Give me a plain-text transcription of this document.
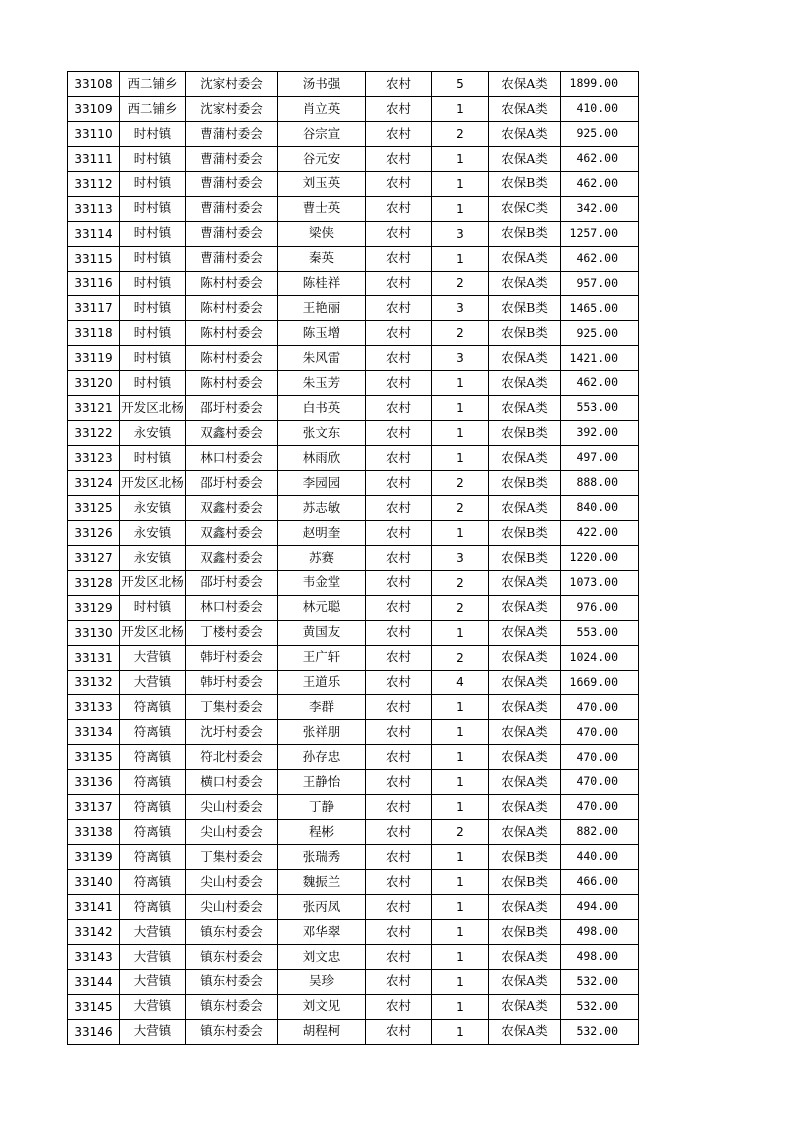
33108	西二铺乡	沈家村委会	汤书强	农村	5	农保A类	1899.00
33109	西二铺乡	沈家村委会	肖立英	农村	1	农保A类	410.00
33110	时村镇	曹蒲村委会	谷宗宣	农村	2	农保A类	925.00
33111	时村镇	曹蒲村委会	谷元安	农村	1	农保A类	462.00
33112	时村镇	曹蒲村委会	刘玉英	农村	1	农保B类	462.00
33113	时村镇	曹蒲村委会	曹士英	农村	1	农保C类	342.00
33114	时村镇	曹蒲村委会	梁侠	农村	3	农保B类	1257.00
33115	时村镇	曹蒲村委会	秦英	农村	1	农保A类	462.00
33116	时村镇	陈村村委会	陈桂祥	农村	2	农保A类	957.00
33117	时村镇	陈村村委会	王艳丽	农村	3	农保B类	1465.00
33118	时村镇	陈村村委会	陈玉增	农村	2	农保B类	925.00
33119	时村镇	陈村村委会	朱风雷	农村	3	农保A类	1421.00
33120	时村镇	陈村村委会	朱玉芳	农村	1	农保A类	462.00
33121	开发区北杨	邵圩村委会	白书英	农村	1	农保A类	553.00
33122	永安镇	双鑫村委会	张文东	农村	1	农保B类	392.00
33123	时村镇	林口村委会	林雨欣	农村	1	农保A类	497.00
33124	开发区北杨	邵圩村委会	李园园	农村	2	农保B类	888.00
33125	永安镇	双鑫村委会	苏志敏	农村	2	农保A类	840.00
33126	永安镇	双鑫村委会	赵明奎	农村	1	农保B类	422.00
33127	永安镇	双鑫村委会	苏赛	农村	3	农保B类	1220.00
33128	开发区北杨	邵圩村委会	韦金堂	农村	2	农保A类	1073.00
33129	时村镇	林口村委会	林元聪	农村	2	农保A类	976.00
33130	开发区北杨	丁楼村委会	黄国友	农村	1	农保A类	553.00
33131	大营镇	韩圩村委会	王广轩	农村	2	农保A类	1024.00
33132	大营镇	韩圩村委会	王道乐	农村	4	农保A类	1669.00
33133	符离镇	丁集村委会	李群	农村	1	农保A类	470.00
33134	符离镇	沈圩村委会	张祥朋	农村	1	农保A类	470.00
33135	符离镇	符北村委会	孙存忠	农村	1	农保A类	470.00
33136	符离镇	横口村委会	王静怡	农村	1	农保A类	470.00
33137	符离镇	尖山村委会	丁静	农村	1	农保A类	470.00
33138	符离镇	尖山村委会	程彬	农村	2	农保A类	882.00
33139	符离镇	丁集村委会	张瑞秀	农村	1	农保B类	440.00
33140	符离镇	尖山村委会	魏振兰	农村	1	农保B类	466.00
33141	符离镇	尖山村委会	张丙凤	农村	1	农保A类	494.00
33142	大营镇	镇东村委会	邓华翠	农村	1	农保B类	498.00
33143	大营镇	镇东村委会	刘文忠	农村	1	农保A类	498.00
33144	大营镇	镇东村委会	吴珍	农村	1	农保A类	532.00
33145	大营镇	镇东村委会	刘文见	农村	1	农保A类	532.00
33146	大营镇	镇东村委会	胡程柯	农村	1	农保A类	532.00
